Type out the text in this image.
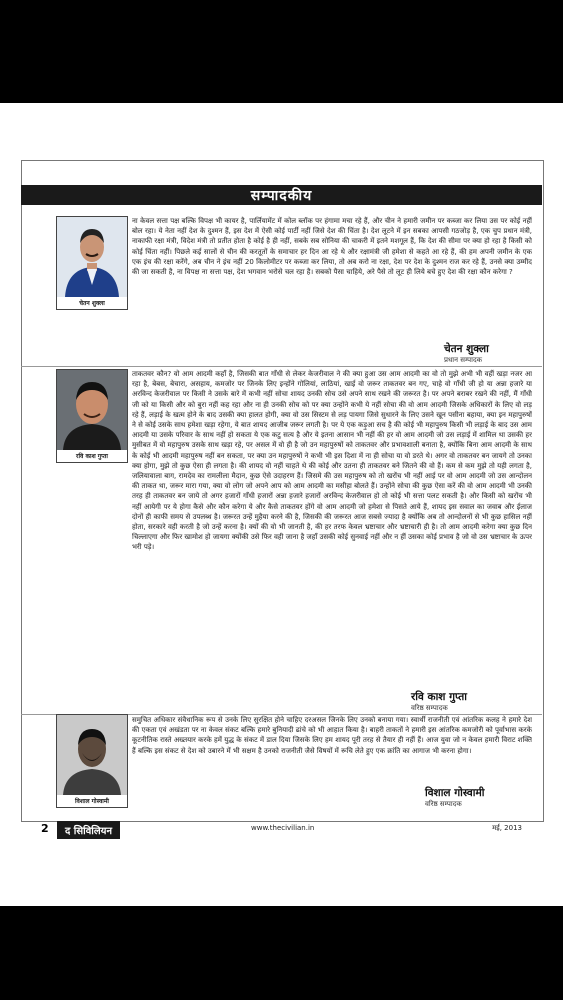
सम्पादकीय
चेतन शुक्ला
ना केवल सत्ता पक्ष बल्कि विपक्ष भी कायर है, पार्लियामेंट में कोल ब्लॉक पर हंगामा मचा रहे हैं, और चीन ने हमारी जमीन पर कब्जा कर लिया उस पर कोई नहीं बोल रहा। ये नेता नहीं देश के दुश्मन हैं, इस देश में ऐसी कोई पार्टी नहीं जिसे देश की चिंता है। देश लूटने में इन सबका आपसी गठजोड़ है, एक चुप प्रधान मंत्री, नाकाफी रक्षा मंत्री, विदेश मंत्री तो प्रतीत होता है कोई है ही नहीं, सबके सब सोनिया की चाकरी में इतने मशगूल हैं, कि देश की सीमा पर क्या हो रहा है किसी को कोई चिंता नहीं। पिछले कई सालों से चीन की करतूतों के समाचार हर दिन आ रहे थे और रक्षामंत्री जी हमेशा से कहते आ रहे हैं, की हम अपनी जमीन के एक एक इंच की रक्षा करेंगे, अब चीन ने इंच नहीं 20 किलोमीटर पर कब्जा कर लिया, तो अब करो ना रक्षा, देश पर देश के दुश्मन राज कर रहे हैं, उनसे क्या उम्मीद की जा सकती है, ना विपक्ष ना सत्ता पक्ष, देश भगवान भरोसे चल रहा है। सबको पैसा चाहिये, अरे पैसे तो लूट ही लिये बचे हुए देश की रक्षा कौन करेगा ?
चेतन शुक्ला
प्रधान सम्पादक
रवि काश गुप्ता
ताकतवर कौन? वो आम आदमी कहाँ है, जिसकी बात गाँधी से लेकर केजरीवाल ने की क्या हुआ उस आम आदमी का वो तो मुझे अभी भी वहीं खड़ा नजर आ रहा है, बेबस, बेचारा, असहाय, कमजोर पर जिनके लिए इन्होंने गोलियां, लाठियां, खाई वो जरूर ताकतवर बन गए, चाहे वो गाँधी जी हो या अन्ना हजारे या अरविन्द केजरीवाल पर किसी ने उसके बारे में कभी नहीं सोचा शायद उनकी सोच उसे अपने साथ रखने की जरूरत है। पर अपने बराबर रखने की नहीं, मैं गाँधी जी को या किसी और को बुरा नहीं कह रहा और ना ही उनकी सोच को पर क्या उन्होंने कभी ये नहीं सोचा की वो आम आदमी जिसके अधिकारों के लिए वो लड़ रहे हैं, लड़ाई के खत्म होने के बाद उसकी क्या हालत होगी, क्या वो उस सिस्टम से लड़ पायगा जिसे सुधारने के लिए उसने खून पसीना बहाया, क्या इन महापुरुषों ने से कोई उसके साथ हमेशा खड़ा रहेगा, ये बात शायद आजीब जरूर लगती है। पर ये एक कड़ुआ सच है की कोई भी महापुरुष किसी भी लड़ाई के बाद उस आम आदमी या उसके परिवार के साथ नहीं हो सकता ये एक कटु सत्य है और ये इतना आसान भी नहीं की हर वो आम आदमी जो उस लड़ाई में शामिल था उसकी हर मुसीबत में वो महापुरुष उसके साथ खड़ा रहे, पर असल में वो ही है जो उन महापुरुषों को ताकतवर और प्रभावशाली बनाता है, क्योंकि बिना आम आदमी के साथ के कोई भी आदमी महापुरुष नहीं बन सकता, पर क्या उन महापुरुषों ने कभी भी इस दिशा में ना ही सोचा या वो डरते थे। अगर वो ताकतवर बन जायगे तो उनका क्या होगा, मुझे तो कुछ ऐसा ही लगता है। की शायद वो नहीं चाहते थे की कोई और उतना ही ताकतवर बने जितने की वो हैं। कम से कम मुझे तो यही लगता है, जलियावाला बाग, रामदेव का रामलीला मैदान, कुछ ऐसे उदाहरण हैं। जिसमे की उस महापुरुष को तो खरोंच भी नहीं आई पर वो आम आदमी जो उस आन्दोलन की ताकत था, जरूर मारा गया, क्या वो लोग जो अपने आप को आम आदमी का मसीहा बोलते हैं। उन्होंने सोचा की कुछ ऐसा करें की वो आम आदमी भी उनकी तरह ही ताकतवर बन जाये तो अगर हजारों गाँधी हजारों अन्ना हजारे हजारों अरविन्द केजरीवाल हो तो कोई भी सत्ता पलट सकती है। और किसी को खरोंच भी नहीं आयेगी पर ये होगा कैसे और कौन करेगा ये और कैसे ताकतवर होंगे वो आम आदमी जो हमेशा से पिसते आये हैं, शायद इस सवाल का जवाब और ईलाज दोनों ही काफी समय से उपलब्ध है। जरूरत उन्हें मुहैया करने की है, जिसकी की जरूरत आज सबसे ज्यादा है क्योंकि अब तो आन्दोलनों से भी कुछ हासिल नहीं होता, सरकारे वही करती है जो उन्हें करना है। क्यों की वो भी जानती है, की हर तरफ केवल भ्रष्टाचार और भ्रष्टाचारी ही है। तो आम आदमी करेगा क्या कुछ दिन चिल्लाएगा और फिर खामोश हो जायगा क्योंकी उसे फिर वही जाना है जहाँ उसकी कोई सुनवाई नहीं और न हीं उसका कोई प्रभाव है जो वो उस भ्रष्टाचार के ऊपर भरी पड़े।
रवि काश गुप्ता
वरिष्ठ सम्पादक
विशाल गोस्वामी
समुचित अधिकार संवैधानिक रूप से उनके लिए सुरक्षित होने चाहिए दरअसल जिनके लिए उनको बनाया गया। स्वार्थी राजनीती एवं आंतरिक कलह ने हमारे देश की एकता एवं अखंडता पर ना केवल संकट बल्कि हमारे बुनियादी ढांचे को भी आहात किया है। बाहरी ताकतों ने हमारी इस आंतरिक कमजोरी को पूर्वाभास करके कूटनीतिक रास्ते अख्तयार करके हमें युद्ध के संकट में डाल दिया जिसके लिए हम शायद पूरी तरह से तैयार ही नहीं हैं। आज युवा जो न केवल हमारी विराट शक्ति हैं बल्कि इस संकट से देश को उबारने में भी सक्षम है उनको राजनीती जैसे विषयों में रूचि लेते हुए एक क्रांति का आगाज भी करना होगा।
विशाल गोस्वामी
वरिष्ठ सम्पादक
2	द सिविलियन	www.thecivilian.in	मई, 2013
